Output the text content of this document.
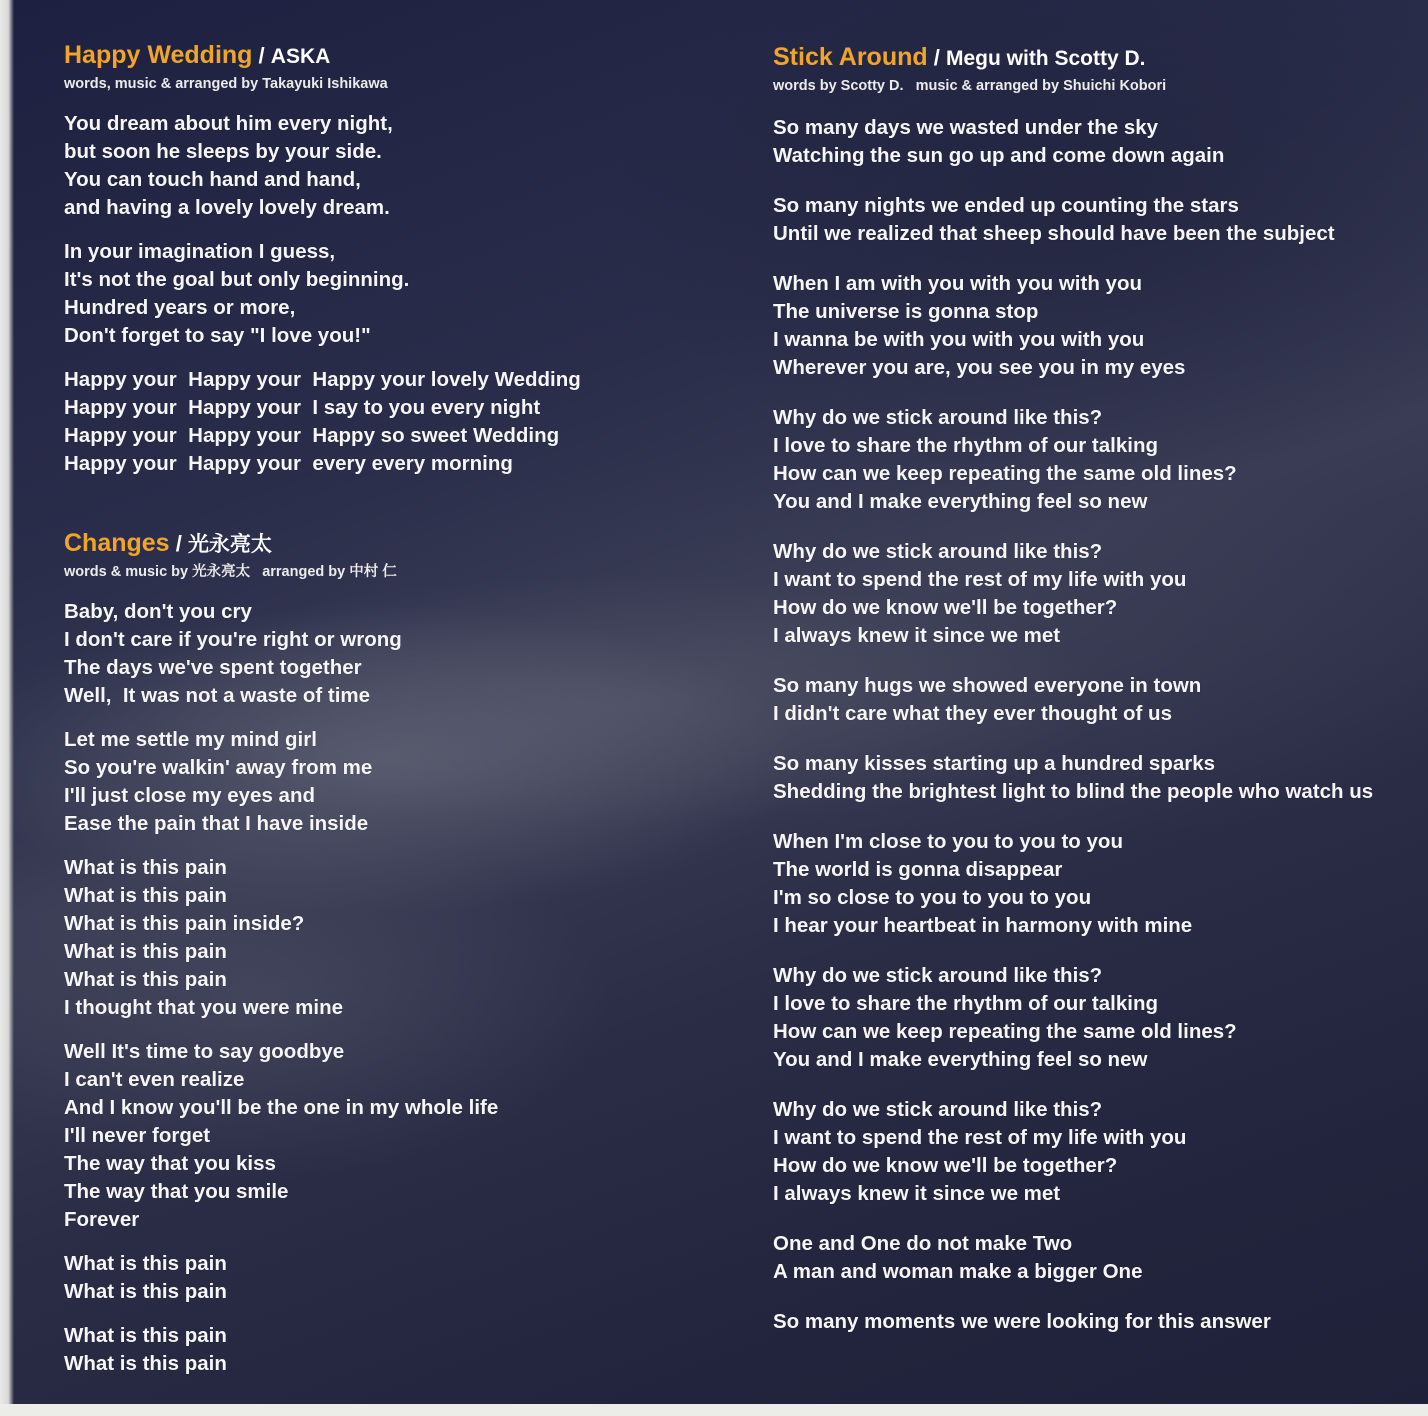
Happy Wedding / ASKA
words, music & arranged by Takayuki Ishikawa
You dream about him every night,
but soon he sleeps by your side.
You can touch hand and hand,
and having a lovely lovely dream.
In your imagination I guess,
It's not the goal but only beginning.
Hundred years or more,
Don't forget to say "I love you!"
Happy your  Happy your  Happy your lovely Wedding
Happy your  Happy your  I say to you every night
Happy your  Happy your  Happy so sweet Wedding
Happy your  Happy your  every every morning
Changes / 光永亮太
words & music by 光永亮太   arranged by 中村 仁
Baby, don't you cry
I don't care if you're right or wrong
The days we've spent together
Well,  It was not a waste of time
Let me settle my mind girl
So you're walkin' away from me
I'll just close my eyes and
Ease the pain that I have inside
What is this pain
What is this pain
What is this pain inside?
What is this pain
What is this pain
I thought that you were mine
Well It's time to say goodbye
I can't even realize
And I know you'll be the one in my whole life
I'll never forget
The way that you kiss
The way that you smile
Forever
What is this pain
What is this pain
What is this pain
What is this pain
Stick Around / Megu with Scotty D.
words by Scotty D.   music & arranged by Shuichi Kobori
So many days we wasted under the sky
Watching the sun go up and come down again
So many nights we ended up counting the stars
Until we realized that sheep should have been the subject
When I am with you with you with you
The universe is gonna stop
I wanna be with you with you with you
Wherever you are, you see you in my eyes
Why do we stick around like this?
I love to share the rhythm of our talking
How can we keep repeating the same old lines?
You and I make everything feel so new
Why do we stick around like this?
I want to spend the rest of my life with you
How do we know we'll be together?
I always knew it since we met
So many hugs we showed everyone in town
I didn't care what they ever thought of us
So many kisses starting up a hundred sparks
Shedding the brightest light to blind the people who watch us
When I'm close to you to you to you
The world is gonna disappear
I'm so close to you to you to you
I hear your heartbeat in harmony with mine
Why do we stick around like this?
I love to share the rhythm of our talking
How can we keep repeating the same old lines?
You and I make everything feel so new
Why do we stick around like this?
I want to spend the rest of my life with you
How do we know we'll be together?
I always knew it since we met
One and One do not make Two
A man and woman make a bigger One
So many moments we were looking for this answer
